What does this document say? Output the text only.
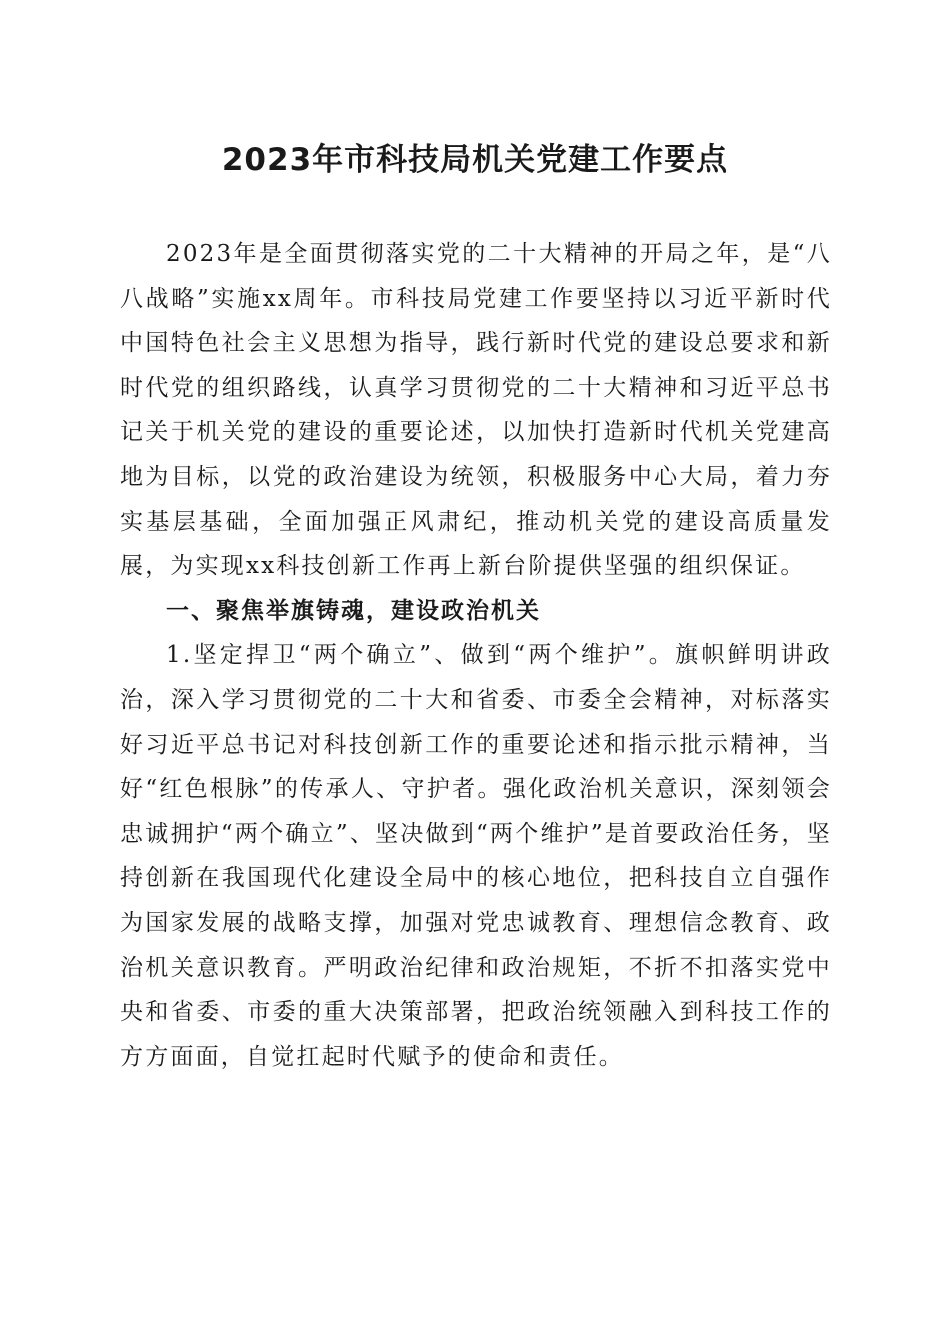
2023年市科技局机关党建工作要点

2023年是全面贯彻落实党的二十大精神的开局之年，是“八八战略”实施xx周年。市科技局党建工作要坚持以习近平新时代中国特色社会主义思想为指导，践行新时代党的建设总要求和新时代党的组织路线，认真学习贯彻党的二十大精神和习近平总书记关于机关党的建设的重要论述，以加快打造新时代机关党建高地为目标，以党的政治建设为统领，积极服务中心大局，着力夯实基层基础，全面加强正风肃纪，推动机关党的建设高质量发展，为实现xx科技创新工作再上新台阶提供坚强的组织保证。

一、聚焦举旗铸魂，建设政治机关

1.坚定捍卫“两个确立”、做到“两个维护”。旗帜鲜明讲政治，深入学习贯彻党的二十大和省委、市委全会精神，对标落实好习近平总书记对科技创新工作的重要论述和指示批示精神，当好“红色根脉”的传承人、守护者。强化政治机关意识，深刻领会忠诚拥护“两个确立”、坚决做到“两个维护”是首要政治任务，坚持创新在我国现代化建设全局中的核心地位，把科技自立自强作为国家发展的战略支撑，加强对党忠诚教育、理想信念教育、政治机关意识教育。严明政治纪律和政治规矩，不折不扣落实党中央和省委、市委的重大决策部署，把政治统领融入到科技工作的方方面面，自觉扛起时代赋予的使命和责任。
